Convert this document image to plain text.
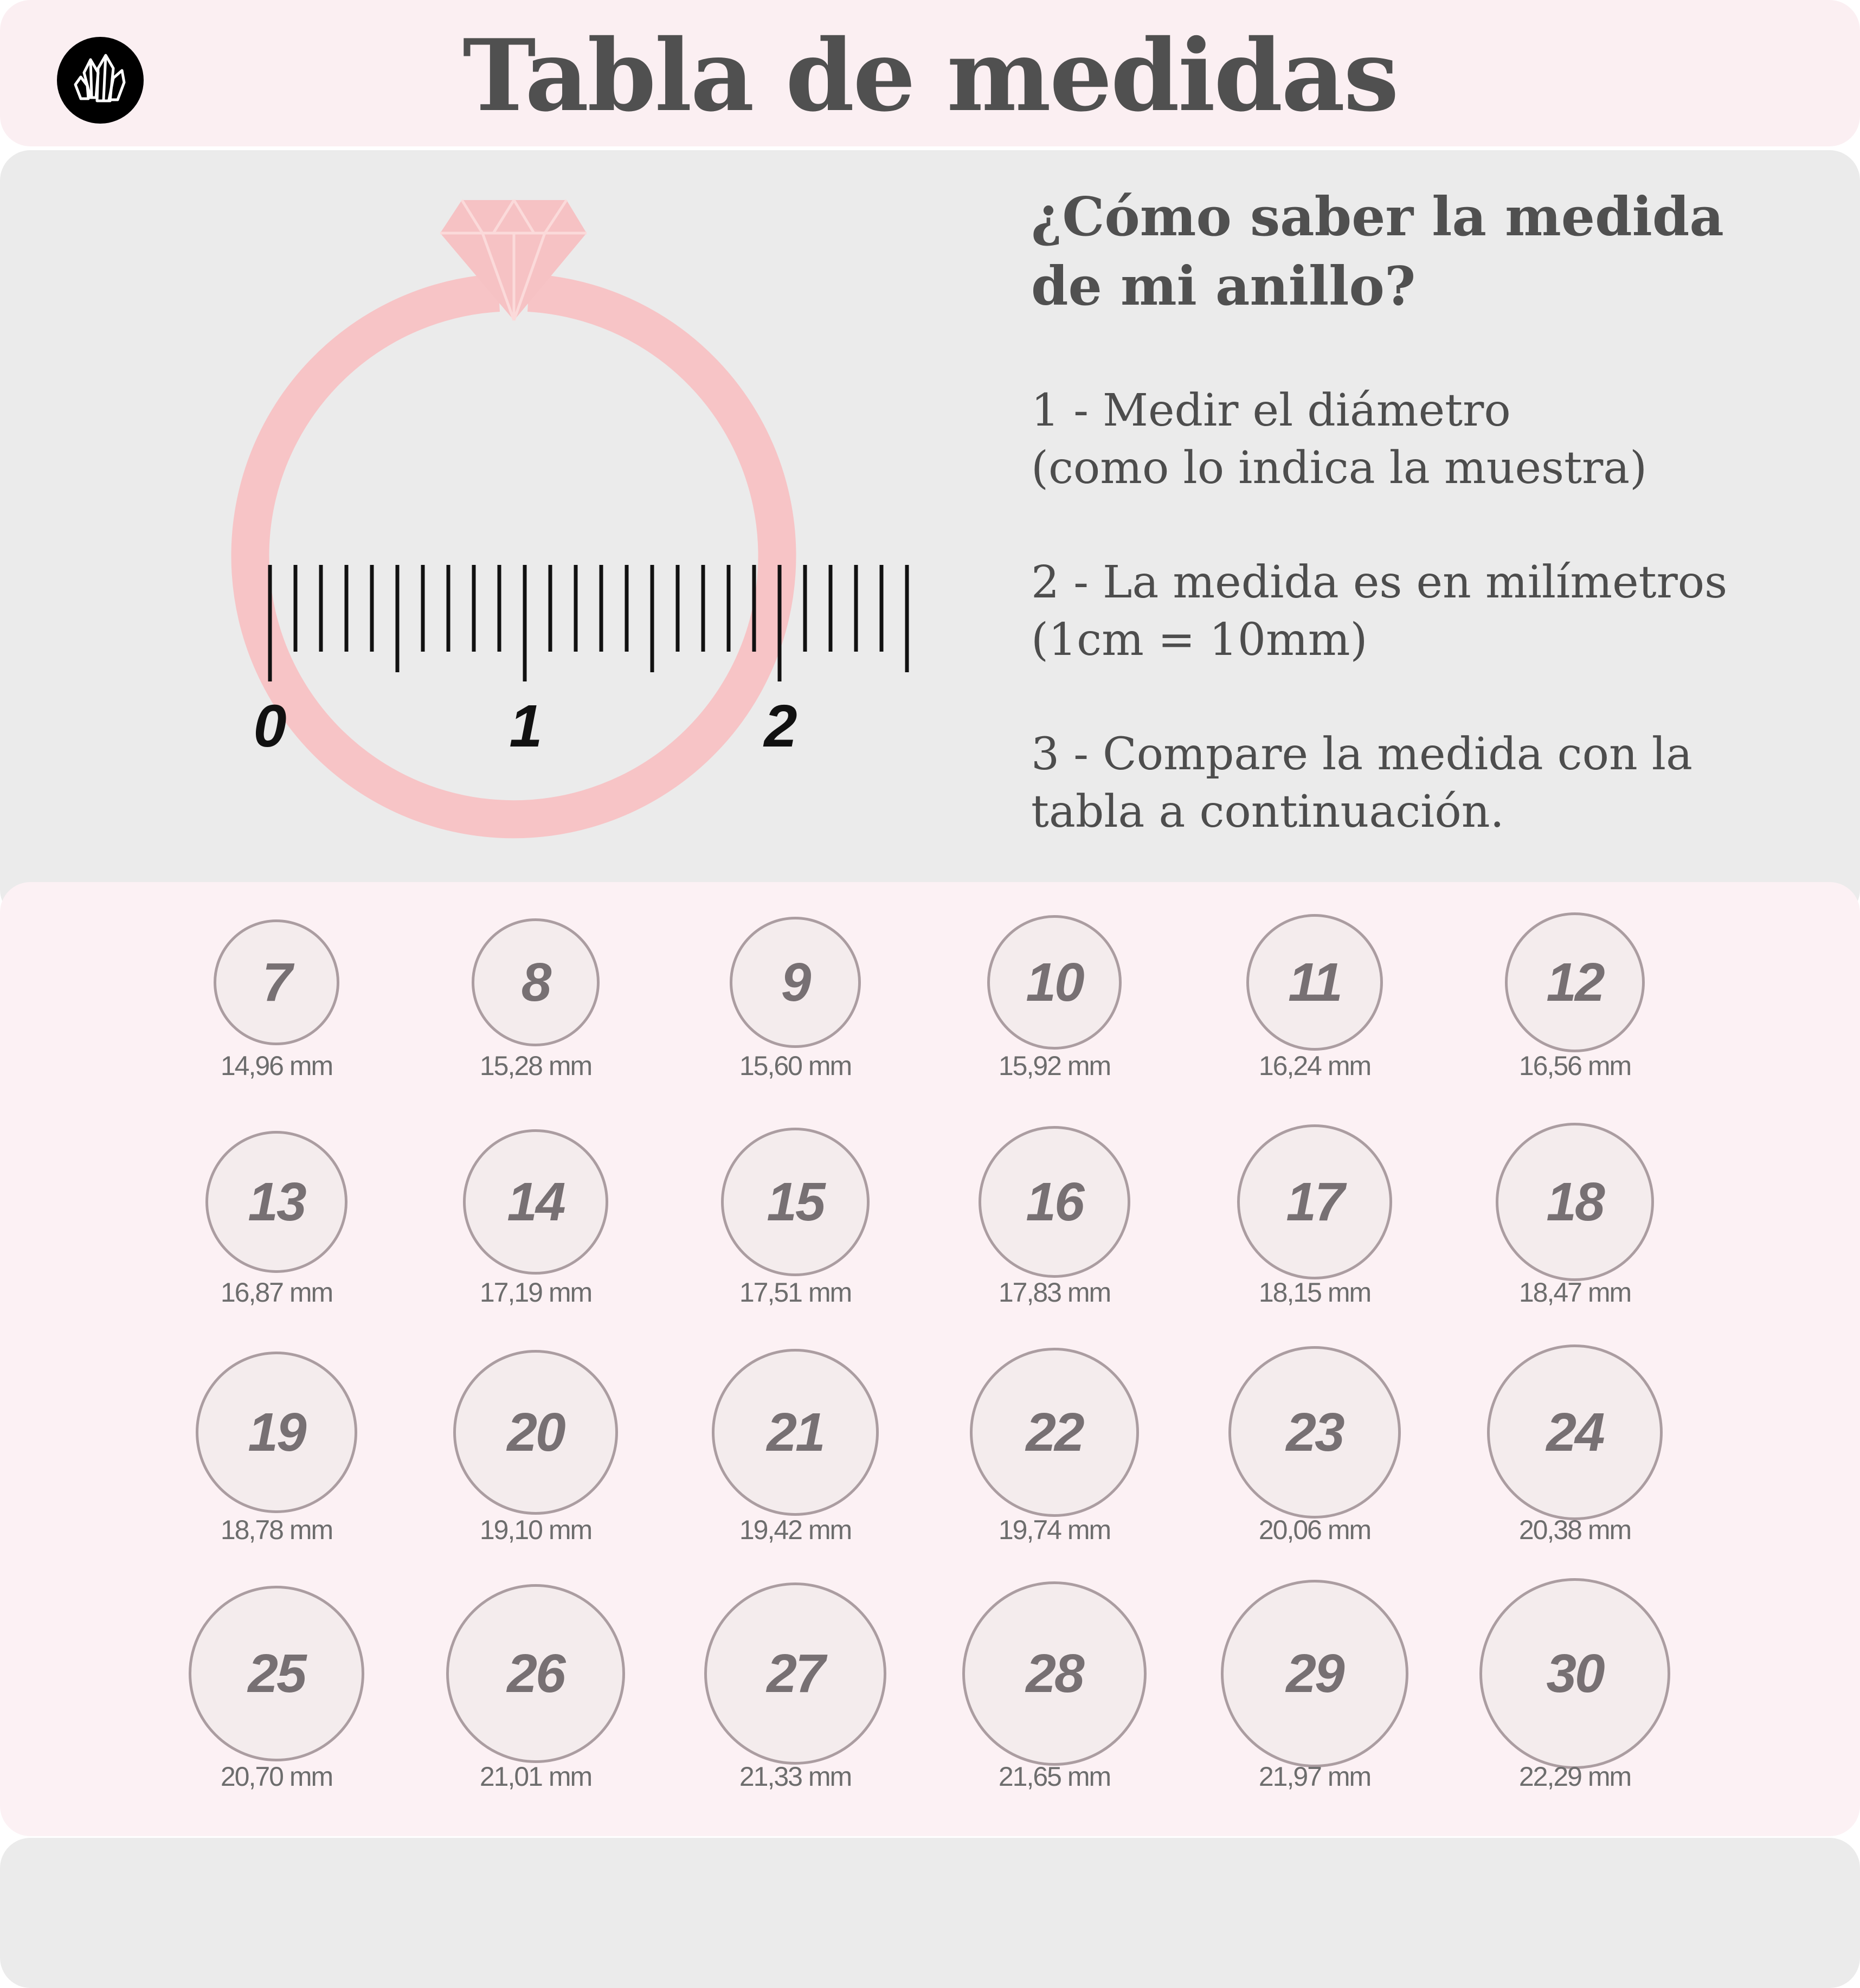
Tabla de medidas
0	1	2
¿Cómo saber la medida
de mi anillo?
1 - Medir el diámetro
(como lo indica la muestra)
2 - La medida es en milímetros
(1cm = 10mm)
3 - Compare la medida con la
tabla a continuación.
7
14,96 mm
8
15,28 mm
9
15,60 mm
10
15,92 mm
11
16,24 mm
12
16,56 mm
13
16,87 mm
14
17,19 mm
15
17,51 mm
16
17,83 mm
17
18,15 mm
18
18,47 mm
19
18,78 mm
20
19,10 mm
21
19,42 mm
22
19,74 mm
23
20,06 mm
24
20,38 mm
25
20,70 mm
26
21,01 mm
27
21,33 mm
28
21,65 mm
29
21,97 mm
30
22,29 mm
